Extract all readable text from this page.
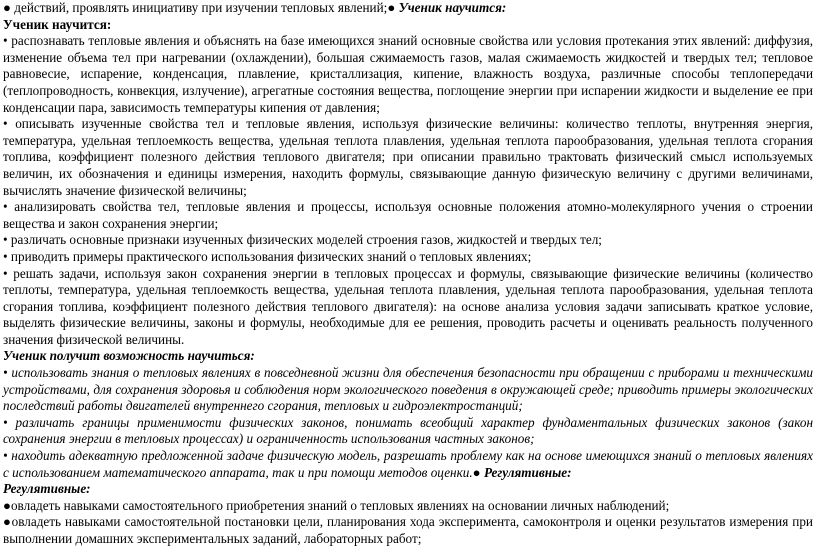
● действий, проявлять инициативу при изучении тепловых явлений;● Ученик научится:

Ученик научится:

• распознавать тепловые явления и объяснять на базе имеющихся знаний основные свойства или условия протекания этих явлений: диффузия, изменение объема тел при нагревании (охлаждении), большая сжимаемость газов, малая сжимаемость жидкостей и твердых тел; тепловое равновесие, испарение, конденсация, плавление, кристаллизация, кипение, влажность воздуха, различные способы теплопередачи (теплопроводность, конвекция, излучение), агрегатные состояния вещества, поглощение энергии при испарении жидкости и выделение ее при конденсации пара, зависимость температуры кипения от давления;

• описывать изученные свойства тел и тепловые явления, используя физические величины: количество теплоты, внутренняя энергия, температура, удельная теплоемкость вещества, удельная теплота плавления, удельная теплота парообразования, удельная теплота сгорания топлива, коэффициент полезного действия теплового двигателя; при описании правильно трактовать физический смысл используемых величин, их обозначения и единицы измерения, находить формулы, связывающие данную физическую величину с другими величинами, вычислять значение физической величины;

• анализировать свойства тел, тепловые явления и процессы, используя основные положения атомно-молекулярного учения о строении вещества и закон сохранения энергии;

• различать основные признаки изученных физических моделей строения газов, жидкостей и твердых тел;

• приводить примеры практического использования физических знаний о тепловых явлениях;

• решать задачи, используя закон сохранения энергии в тепловых процессах и формулы, связывающие физические величины (количество теплоты, температура, удельная теплоемкость вещества, удельная теплота плавления, удельная теплота парообразования, удельная теплота сгорания топлива, коэффициент полезного действия теплового двигателя): на основе анализа условия задачи записывать краткое условие, выделять физические величины, законы и формулы, необходимые для ее решения, проводить расчеты и оценивать реальность полученного значения физической величины.

Ученик получит возможность научиться:

• использовать знания о тепловых явлениях в повседневной жизни для обеспечения безопасности при обращении с приборами и техническими устройствами, для сохранения здоровья и соблюдения норм экологического поведения в окружающей среде; приводить примеры экологических последствий работы двигателей внутреннего сгорания, тепловых и гидроэлектростанций;

• различать границы применимости физических законов, понимать всеобщий характер фундаментальных физических законов (закон сохранения энергии в тепловых процессах) и ограниченность использования частных законов;

• находить адекватную предложенной задаче физическую модель, разрешать проблему как на основе имеющихся знаний о тепловых явлениях с использованием математического аппарата, так и при помощи методов оценки.● Регулятивные:

Регулятивные:

●овладеть навыками самостоятельного приобретения знаний о тепловых явлениях на основании личных наблюдений;

●овладеть навыками самостоятельной постановки цели, планирования хода эксперимента, самоконтроля и оценки результатов измерения при выполнении домашних экспериментальных заданий, лабораторных работ;
